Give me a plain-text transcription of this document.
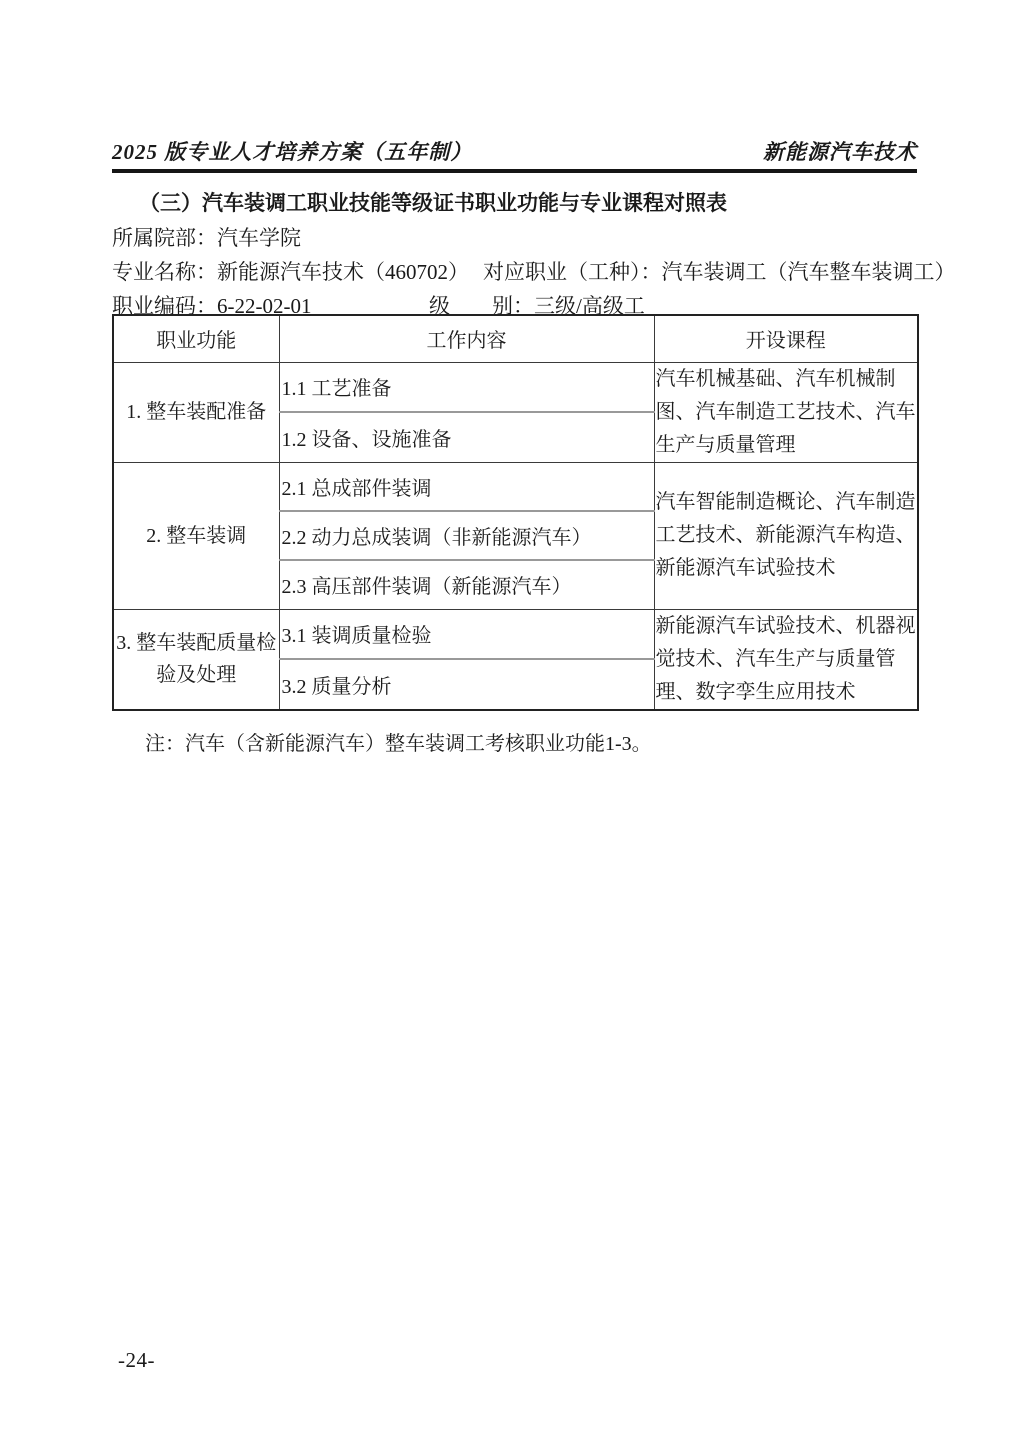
2025 版专业人才培养方案（五年制）	新能源汽车技术
（三）汽车装调工职业技能等级证书职业功能与专业课程对照表
所属院部：汽车学院
专业名称：新能源汽车技术（460702） 对应职业（工种）：汽车装调工（汽车整车装调工）
职业编码：6-22-02-01	级　　别：三级/高级工
职业功能	工作内容	开设课程
1. 整车装配准备	1.1 工艺准备	汽车机械基础、汽车机械制图、汽车制造工艺技术、汽车生产与质量管理
	1.2 设备、设施准备	
2. 整车装调	2.1 总成部件装调	汽车智能制造概论、汽车制造工艺技术、新能源汽车构造、新能源汽车试验技术
	2.2 动力总成装调（非新能源汽车）	
	2.3 高压部件装调（新能源汽车）	
3. 整车装配质量检验及处理	3.1 装调质量检验	新能源汽车试验技术、机器视觉技术、汽车生产与质量管理、数字孪生应用技术
	3.2 质量分析	
注：汽车（含新能源汽车）整车装调工考核职业功能1-3。
-24-
